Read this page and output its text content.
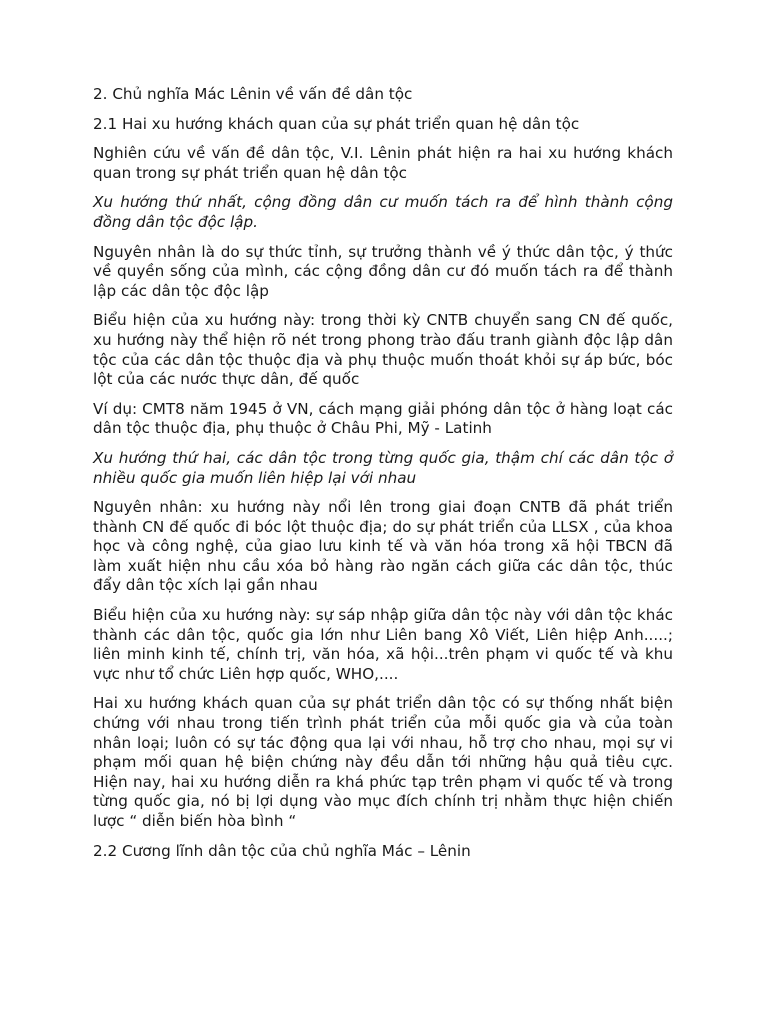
2. Chủ nghĩa Mác Lênin về vấn đề dân tộc

2.1 Hai xu hướng khách quan của sự phát triển quan hệ dân tộc

Nghiên cứu về vấn đề dân tộc, V.I. Lênin phát hiện ra hai xu hướng khách quan trong sự phát triển quan hệ dân tộc

Xu hướng thứ nhất, cộng đồng dân cư muốn tách ra để hình thành cộng đồng dân tộc độc lập.

Nguyên nhân là do sự thức tỉnh, sự trưởng thành về ý thức dân tộc, ý thức về quyền sống của mình, các cộng đồng dân cư đó muốn tách ra để thành lập các dân tộc độc lập

Biểu hiện của xu hướng này: trong thời kỳ CNTB chuyển sang CN đế quốc, xu hướng này thể hiện rõ nét trong phong trào đấu tranh giành độc lập dân tộc của các dân tộc thuộc địa và phụ thuộc muốn thoát khỏi sự áp bức, bóc lột của các nước thực dân, đế quốc

Ví dụ: CMT8 năm 1945 ở VN, cách mạng giải phóng dân tộc ở hàng loạt các dân tộc thuộc địa, phụ thuộc ở Châu Phi, Mỹ - Latinh

Xu hướng thứ hai, các dân tộc trong từng quốc gia, thậm chí các dân tộc ở nhiều quốc gia muốn liên hiệp lại với nhau

Nguyên nhân: xu hướng này nổi lên trong giai đoạn CNTB đã phát triển thành CN đế quốc đi bóc lột thuộc địa; do sự phát triển của LLSX , của khoa học và công nghệ, của giao lưu kinh tế và văn hóa trong xã hội TBCN đã làm xuất hiện nhu cầu xóa bỏ hàng rào ngăn cách giữa các dân tộc, thúc đẩy dân tộc xích lại gần nhau

Biểu hiện của xu hướng này: sự sáp nhập giữa dân tộc này với dân tộc khác thành các dân tộc, quốc gia lớn như Liên bang Xô Viết, Liên hiệp Anh.....; liên minh kinh tế, chính trị, văn hóa, xã hội...trên phạm vi quốc tế và khu vực như tổ chức Liên hợp quốc, WHO,....

Hai xu hướng khách quan của sự phát triển dân tộc có sự thống nhất biện chứng với nhau trong tiến trình phát triển của mỗi quốc gia và của toàn nhân loại; luôn có sự tác động qua lại với nhau, hỗ trợ cho nhau, mọi sự vi phạm mối quan hệ biện chứng này đều dẫn tới những hậu quả tiêu cực. Hiện nay, hai xu hướng diễn ra khá phức tạp trên phạm vi quốc tế và trong từng quốc gia, nó bị lợi dụng vào mục đích chính trị nhằm thực hiện chiến lược “ diễn biến hòa bình “

2.2 Cương lĩnh dân tộc của chủ nghĩa Mác – Lênin
